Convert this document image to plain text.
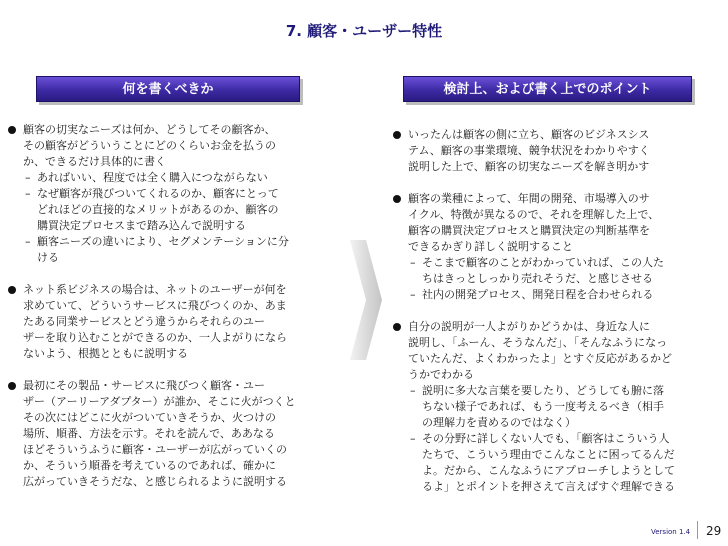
7. 顧客・ユーザー特性
何を書くべきか	検討上、および書く上でのポイント
顧客の切実なニーズは何か、どうしてその顧客か、
その顧客がどういうことにどのくらいお金を払うの
か、できるだけ具体的に書く
– あればいい、程度では全く購入につながらない
– なぜ顧客が飛びついてくれるのか、顧客にとって
どれほどの直接的なメリットがあるのか、顧客の
購買決定プロセスまで踏み込んで説明する
– 顧客ニーズの違いにより、セグメンテーションに分
ける
ネット系ビジネスの場合は、ネットのユーザーが何を
求めていて、どういうサービスに飛びつくのか、あま
たある同業サービスとどう違うからそれらのユー
ザーを取り込むことができるのか、一人よがりになら
ないよう、根拠とともに説明する
最初にその製品・サービスに飛びつく顧客・ユー
ザー（アーリーアダプター）が誰か、そこに火がつくと
その次にはどこに火がついていきそうか、火つけの
場所、順番、方法を示す。それを読んで、ああなる
ほどそういうふうに顧客・ユーザーが広がっていくの
か、そういう順番を考えているのであれば、確かに
広がっていきそうだな、と感じられるように説明する
いったんは顧客の側に立ち、顧客のビジネスシス
テム、顧客の事業環境、競争状況をわかりやすく
説明した上で、顧客の切実なニーズを解き明かす
顧客の業種によって、年間の開発、市場導入のサ
イクル、特徴が異なるので、それを理解した上で、
顧客の購買決定プロセスと購買決定の判断基準を
できるかぎり詳しく説明すること
– そこまで顧客のことがわかっていれば、この人た
ちはきっとしっかり売れそうだ、と感じさせる
– 社内の開発プロセス、開発日程を合わせられる
自分の説明が一人よがりかどうかは、身近な人に
説明し、「ふーん、そうなんだ」、「そんなふうになっ
ていたんだ、よくわかったよ」とすぐ反応があるかど
うかでわかる
– 説明に多大な言葉を要したり、どうしても腑に落
ちない様子であれば、もう一度考えるべき（相手
の理解力を責めるのではなく）
– その分野に詳しくない人でも、「顧客はこういう人
たちで、こういう理由でこんなことに困ってるんだ
よ。だから、こんなふうにアプローチしようとして
るよ」とポイントを押さえて言えばすぐ理解できる
Version 1.4 29
